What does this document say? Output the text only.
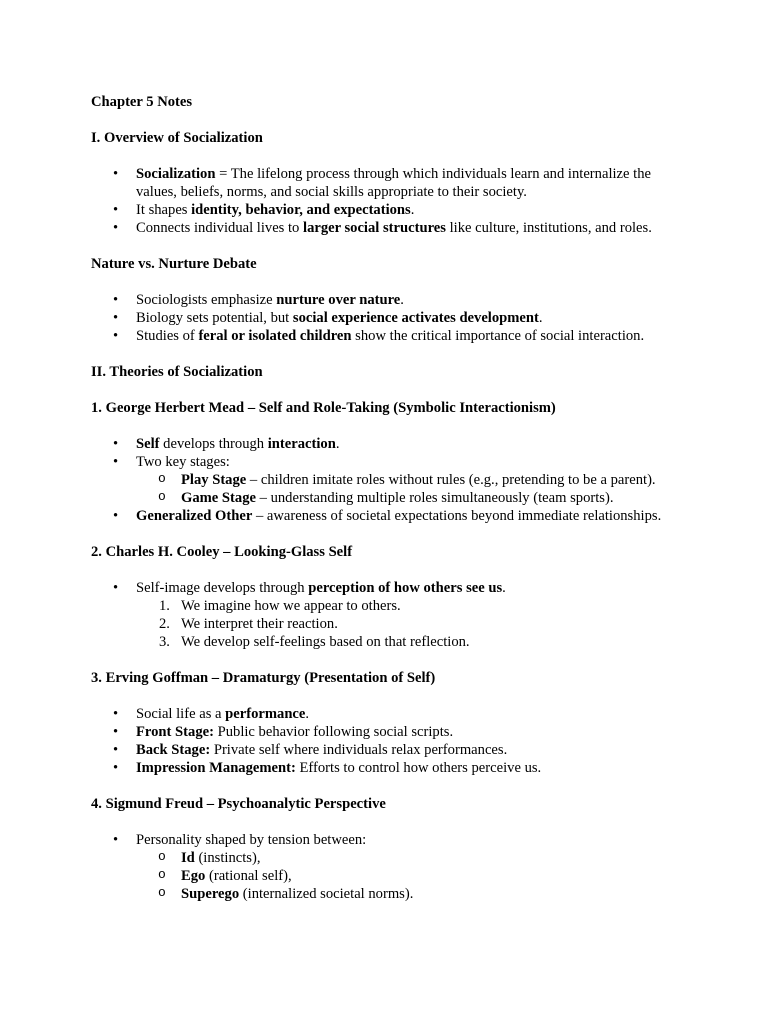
Chapter 5 Notes

I. Overview of Socialization

• Socialization = The lifelong process through which individuals learn and internalize the values, beliefs, norms, and social skills appropriate to their society.
• It shapes identity, behavior, and expectations.
• Connects individual lives to larger social structures like culture, institutions, and roles.

Nature vs. Nurture Debate

• Sociologists emphasize nurture over nature.
• Biology sets potential, but social experience activates development.
• Studies of feral or isolated children show the critical importance of social interaction.

II. Theories of Socialization

1. George Herbert Mead – Self and Role-Taking (Symbolic Interactionism)

• Self develops through interaction.
• Two key stages:
o Play Stage – children imitate roles without rules (e.g., pretending to be a parent).
o Game Stage – understanding multiple roles simultaneously (team sports).
• Generalized Other – awareness of societal expectations beyond immediate relationships.

2. Charles H. Cooley – Looking-Glass Self

• Self-image develops through perception of how others see us.
1. We imagine how we appear to others.
2. We interpret their reaction.
3. We develop self-feelings based on that reflection.

3. Erving Goffman – Dramaturgy (Presentation of Self)

• Social life as a performance.
• Front Stage: Public behavior following social scripts.
• Back Stage: Private self where individuals relax performances.
• Impression Management: Efforts to control how others perceive us.

4. Sigmund Freud – Psychoanalytic Perspective

• Personality shaped by tension between:
o Id (instincts),
o Ego (rational self),
o Superego (internalized societal norms).
